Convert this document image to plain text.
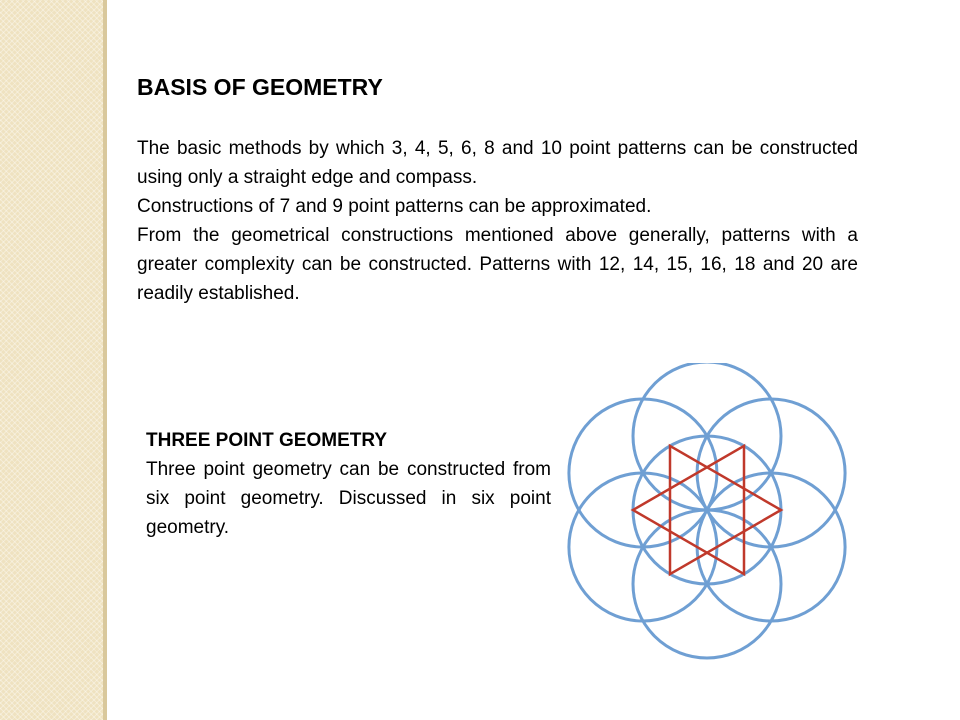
BASIS OF GEOMETRY

The basic methods by which 3, 4, 5, 6, 8 and 10 point patterns can be constructed using only a straight edge and compass.

Constructions of 7 and 9 point patterns can be approximated.

From the geometrical constructions mentioned above generally, patterns with a greater complexity can be constructed. Patterns with 12, 14, 15, 16, 18 and 20 are readily established.

THREE POINT GEOMETRY

Three point geometry can be constructed from six point geometry. Discussed in six point geometry.
